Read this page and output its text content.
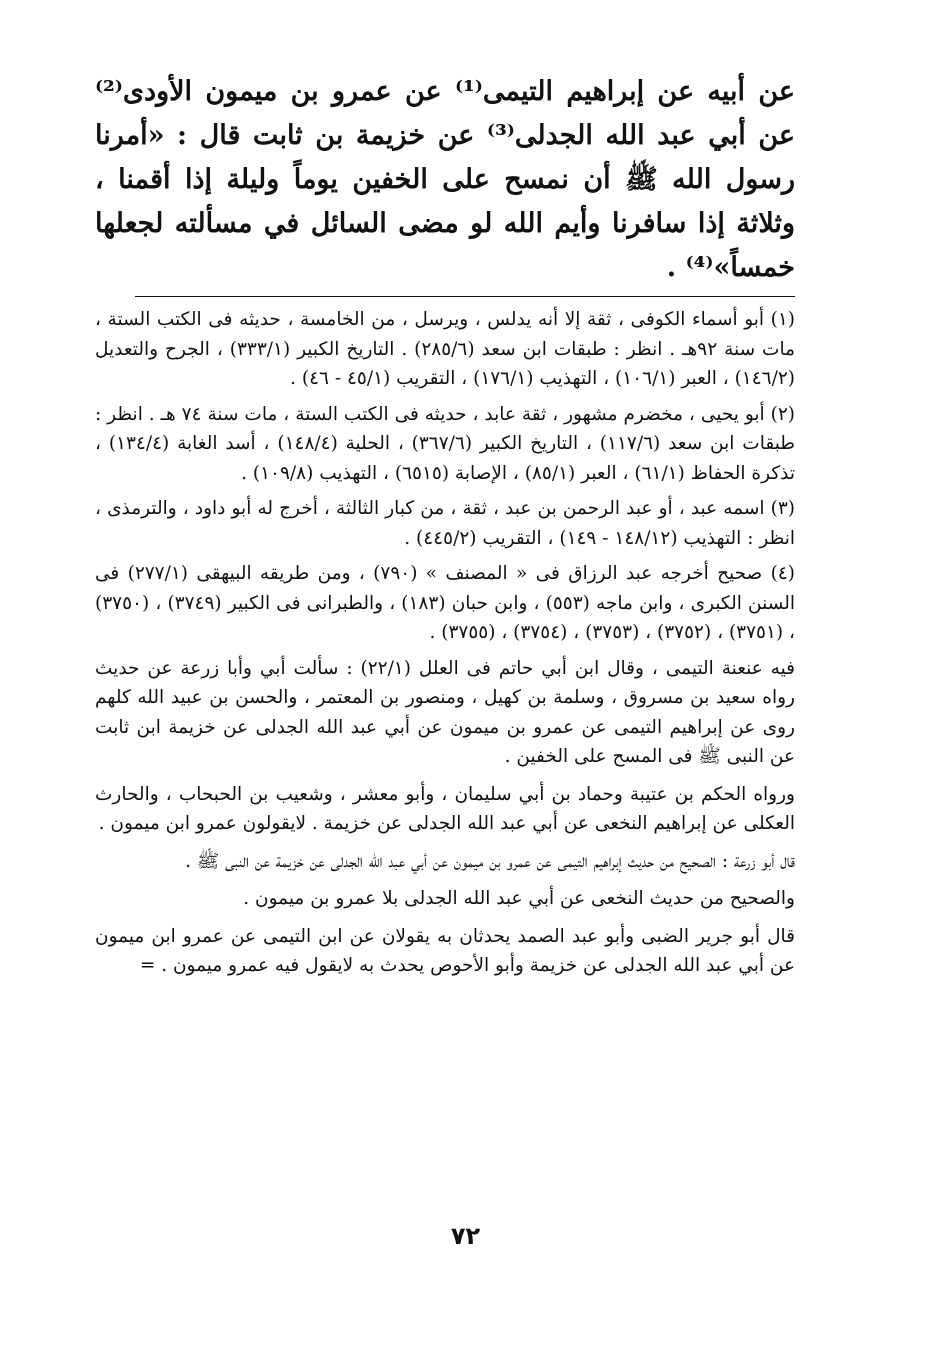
عن أبيه عن إبراهيم التيمى⁽¹⁾ عن عمرو بن ميمون الأودى⁽²⁾ عن أبي عبد الله الجدلى⁽³⁾ عن خزيمة بن ثابت قال : «أمرنا رسول الله ﷺ أن نمسح على الخفين يوماً وليلة إذا أقمنا ، وثلاثة إذا سافرنا وأيم الله لو مضى السائل في مسألته لجعلها خمساً»⁽⁴⁾ .

(١) أبو أسماء الكوفى ، ثقة إلا أنه يدلس ، ويرسل ، من الخامسة ، حديثه فى الكتب الستة ، مات سنة ٩٢هـ . انظر : طبقات ابن سعد (٢٨٥/٦) . التاريخ الكبير (٣٣٣/١) ، الجرح والتعديل (١٤٦/٢) ، العبر (١٠٦/١) ، التهذيب (١٧٦/١) ، التقريب (٤٥/١ - ٤٦) .

(٢) أبو يحيى ، مخضرم مشهور ، ثقة عابد ، حديثه فى الكتب الستة ، مات سنة ٧٤ هـ . انظر : طبقات ابن سعد (١١٧/٦) ، التاريخ الكبير (٣٦٧/٦) ، الحلية (١٤٨/٤) ، أسد الغابة (١٣٤/٤) ، تذكرة الحفاظ (٦١/١) ، العبر (٨٥/١) ، الإصابة (٦٥١٥) ، التهذيب (١٠٩/٨) .

(٣) اسمه عبد ، أو عبد الرحمن بن عبد ، ثقة ، من كبار الثالثة ، أخرج له أبو داود ، والترمذى ، انظر : التهذيب (١٤٨/١٢ - ١٤٩) ، التقريب (٤٤٥/٢) .

(٤) صحيح أخرجه عبد الرزاق فى « المصنف » (٧٩٠) ، ومن طريقه البيهقى (٢٧٧/١) فى السنن الكبرى ، وابن ماجه (٥٥٣) ، وابن حبان (١٨٣) ، والطبرانى فى الكبير (٣٧٤٩) ، (٣٧٥٠) ، (٣٧٥١) ، (٣٧٥٢) ، (٣٧٥٣) ، (٣٧٥٤) ، (٣٧٥٥) .

فيه عنعنة التيمى ، وقال ابن أبي حاتم فى العلل (٢٢/١) : سألت أبي وأبا زرعة عن حديث رواه سعيد بن مسروق ، وسلمة بن كهيل ، ومنصور بن المعتمر ، والحسن بن عبيد الله كلهم روى عن إبراهيم التيمى عن عمرو بن ميمون عن أبي عبد الله الجدلى عن خزيمة ابن ثابت عن النبى ﷺ فى المسح على الخفين .

ورواه الحكم بن عتيبة وحماد بن أبي سليمان ، وأبو معشر ، وشعيب بن الحبحاب ، والحارث العكلى عن إبراهيم النخعى عن أبي عبد الله الجدلى عن خزيمة . لايقولون عمرو ابن ميمون .

قال أبو زرعة : الصحيح من حديث إبراهيم التيمى عن عمرو بن ميمون عن أبي عبد الله الجدلى عن خزيمة عن النبى ﷺ .

والصحيح من حديث النخعى عن أبي عبد الله الجدلى بلا عمرو بن ميمون .

قال أبو جرير الضبى وأبو عبد الصمد يحدثان به يقولان عن ابن التيمى عن عمرو ابن ميمون عن أبي عبد الله الجدلى عن خزيمة وأبو الأحوص يحدث به لايقول فيه عمرو ميمون . =

٧٢
